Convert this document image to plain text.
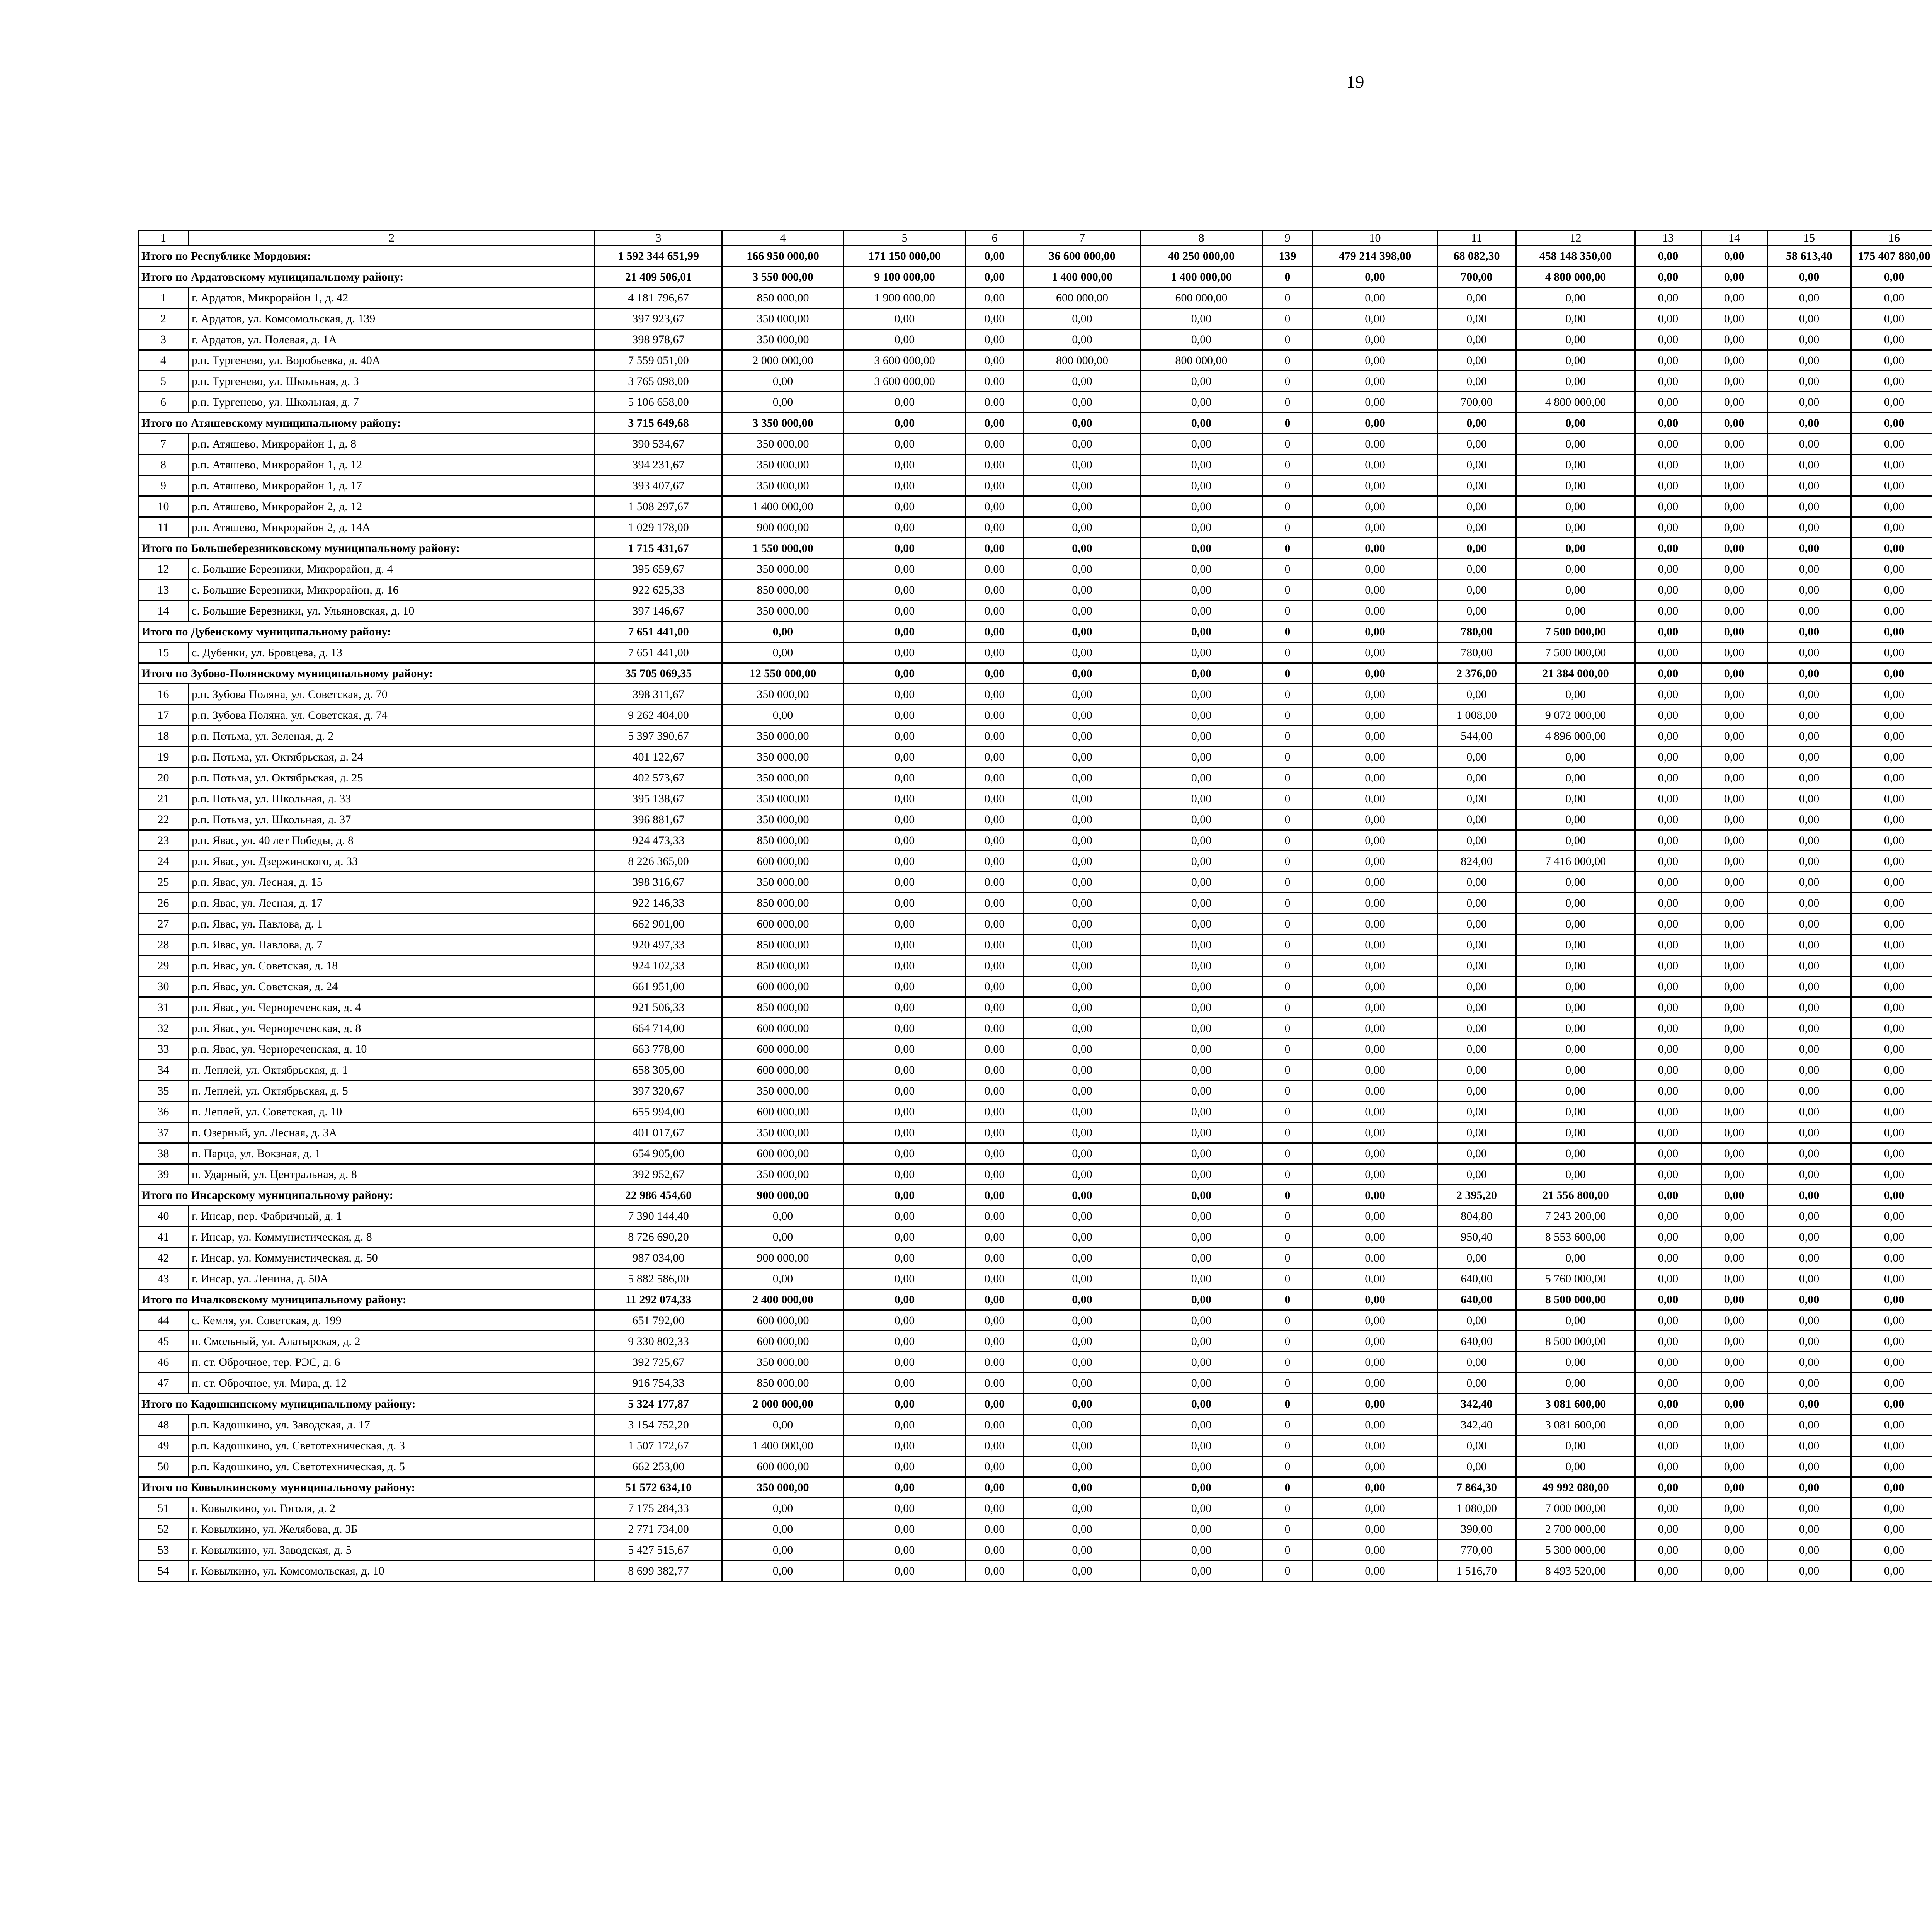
19
1	2	3	4	5	6	7	8	9	10	11	12	13	14	15	16					
Итого по Республике Мордовия:		1 592 344 651,99	166 950 000,00	171 150 000,00	0,00	36 600 000,00	40 250 000,00	139	479 214 398,00	68 082,30	458 148 350,00	0,00	0,00	58 613,40	175 407 880,00					
Итого по Ардатовскому муниципальному району:		21 409 506,01	3 550 000,00	9 100 000,00	0,00	1 400 000,00	1 400 000,00	0	0,00	700,00	4 800 000,00	0,00	0,00	0,00	0,00					
1	г. Ардатов, Микрорайон 1, д. 42	4 181 796,67	850 000,00	1 900 000,00	0,00	600 000,00	600 000,00	0	0,00	0,00	0,00	0,00	0,00	0,00	0,00					
2	г. Ардатов, ул. Комсомольская, д. 139	397 923,67	350 000,00	0,00	0,00	0,00	0,00	0	0,00	0,00	0,00	0,00	0,00	0,00	0,00					
3	г. Ардатов, ул. Полевая, д. 1А	398 978,67	350 000,00	0,00	0,00	0,00	0,00	0	0,00	0,00	0,00	0,00	0,00	0,00	0,00					
4	р.п. Тургенево, ул. Воробьевка, д. 40А	7 559 051,00	2 000 000,00	3 600 000,00	0,00	800 000,00	800 000,00	0	0,00	0,00	0,00	0,00	0,00	0,00	0,00					
5	р.п. Тургенево, ул. Школьная, д. 3	3 765 098,00	0,00	3 600 000,00	0,00	0,00	0,00	0	0,00	0,00	0,00	0,00	0,00	0,00	0,00					
6	р.п. Тургенево, ул. Школьная, д. 7	5 106 658,00	0,00	0,00	0,00	0,00	0,00	0	0,00	700,00	4 800 000,00	0,00	0,00	0,00	0,00					
Итого по Атяшевскому муниципальному району:		3 715 649,68	3 350 000,00	0,00	0,00	0,00	0,00	0	0,00	0,00	0,00	0,00	0,00	0,00	0,00					
7	р.п. Атяшево, Микрорайон 1, д. 8	390 534,67	350 000,00	0,00	0,00	0,00	0,00	0	0,00	0,00	0,00	0,00	0,00	0,00	0,00					
8	р.п. Атяшево, Микрорайон 1, д. 12	394 231,67	350 000,00	0,00	0,00	0,00	0,00	0	0,00	0,00	0,00	0,00	0,00	0,00	0,00					
9	р.п. Атяшево, Микрорайон 1, д. 17	393 407,67	350 000,00	0,00	0,00	0,00	0,00	0	0,00	0,00	0,00	0,00	0,00	0,00	0,00					
10	р.п. Атяшево, Микрорайон 2, д. 12	1 508 297,67	1 400 000,00	0,00	0,00	0,00	0,00	0	0,00	0,00	0,00	0,00	0,00	0,00	0,00					
11	р.п. Атяшево, Микрорайон 2, д. 14А	1 029 178,00	900 000,00	0,00	0,00	0,00	0,00	0	0,00	0,00	0,00	0,00	0,00	0,00	0,00					
Итого по Большеберезниковскому муниципальному району:		1 715 431,67	1 550 000,00	0,00	0,00	0,00	0,00	0	0,00	0,00	0,00	0,00	0,00	0,00	0,00					
12	с. Большие Березники, Микрорайон, д. 4	395 659,67	350 000,00	0,00	0,00	0,00	0,00	0	0,00	0,00	0,00	0,00	0,00	0,00	0,00					
13	с. Большие Березники, Микрорайон, д. 16	922 625,33	850 000,00	0,00	0,00	0,00	0,00	0	0,00	0,00	0,00	0,00	0,00	0,00	0,00					
14	с. Большие Березники, ул. Ульяновская, д. 10	397 146,67	350 000,00	0,00	0,00	0,00	0,00	0	0,00	0,00	0,00	0,00	0,00	0,00	0,00					
Итого по Дубенскому муниципальному району:		7 651 441,00	0,00	0,00	0,00	0,00	0,00	0	0,00	780,00	7 500 000,00	0,00	0,00	0,00	0,00					
15	с. Дубенки, ул. Бровцева, д. 13	7 651 441,00	0,00	0,00	0,00	0,00	0,00	0	0,00	780,00	7 500 000,00	0,00	0,00	0,00	0,00					
Итого по Зубово-Полянскому муниципальному району:		35 705 069,35	12 550 000,00	0,00	0,00	0,00	0,00	0	0,00	2 376,00	21 384 000,00	0,00	0,00	0,00	0,00					
16	р.п. Зубова Поляна, ул. Советская, д. 70	398 311,67	350 000,00	0,00	0,00	0,00	0,00	0	0,00	0,00	0,00	0,00	0,00	0,00	0,00					
17	р.п. Зубова Поляна, ул. Советская, д. 74	9 262 404,00	0,00	0,00	0,00	0,00	0,00	0	0,00	1 008,00	9 072 000,00	0,00	0,00	0,00	0,00					
18	р.п. Потьма, ул. Зеленая, д. 2	5 397 390,67	350 000,00	0,00	0,00	0,00	0,00	0	0,00	544,00	4 896 000,00	0,00	0,00	0,00	0,00					
19	р.п. Потьма, ул. Октябрьская, д. 24	401 122,67	350 000,00	0,00	0,00	0,00	0,00	0	0,00	0,00	0,00	0,00	0,00	0,00	0,00					
20	р.п. Потьма, ул. Октябрьская, д. 25	402 573,67	350 000,00	0,00	0,00	0,00	0,00	0	0,00	0,00	0,00	0,00	0,00	0,00	0,00					
21	р.п. Потьма, ул. Школьная, д. 33	395 138,67	350 000,00	0,00	0,00	0,00	0,00	0	0,00	0,00	0,00	0,00	0,00	0,00	0,00					
22	р.п. Потьма, ул. Школьная, д. 37	396 881,67	350 000,00	0,00	0,00	0,00	0,00	0	0,00	0,00	0,00	0,00	0,00	0,00	0,00					
23	р.п. Явас, ул. 40 лет Победы, д. 8	924 473,33	850 000,00	0,00	0,00	0,00	0,00	0	0,00	0,00	0,00	0,00	0,00	0,00	0,00					
24	р.п. Явас, ул. Дзержинского, д. 33	8 226 365,00	600 000,00	0,00	0,00	0,00	0,00	0	0,00	824,00	7 416 000,00	0,00	0,00	0,00	0,00					
25	р.п. Явас, ул. Лесная, д. 15	398 316,67	350 000,00	0,00	0,00	0,00	0,00	0	0,00	0,00	0,00	0,00	0,00	0,00	0,00					
26	р.п. Явас, ул. Лесная, д. 17	922 146,33	850 000,00	0,00	0,00	0,00	0,00	0	0,00	0,00	0,00	0,00	0,00	0,00	0,00					
27	р.п. Явас, ул. Павлова, д. 1	662 901,00	600 000,00	0,00	0,00	0,00	0,00	0	0,00	0,00	0,00	0,00	0,00	0,00	0,00					
28	р.п. Явас, ул. Павлова, д. 7	920 497,33	850 000,00	0,00	0,00	0,00	0,00	0	0,00	0,00	0,00	0,00	0,00	0,00	0,00					
29	р.п. Явас, ул. Советская, д. 18	924 102,33	850 000,00	0,00	0,00	0,00	0,00	0	0,00	0,00	0,00	0,00	0,00	0,00	0,00					
30	р.п. Явас, ул. Советская, д. 24	661 951,00	600 000,00	0,00	0,00	0,00	0,00	0	0,00	0,00	0,00	0,00	0,00	0,00	0,00					
31	р.п. Явас, ул. Чернореченская, д. 4	921 506,33	850 000,00	0,00	0,00	0,00	0,00	0	0,00	0,00	0,00	0,00	0,00	0,00	0,00					
32	р.п. Явас, ул. Чернореченская, д. 8	664 714,00	600 000,00	0,00	0,00	0,00	0,00	0	0,00	0,00	0,00	0,00	0,00	0,00	0,00					
33	р.п. Явас, ул. Чернореченская, д. 10	663 778,00	600 000,00	0,00	0,00	0,00	0,00	0	0,00	0,00	0,00	0,00	0,00	0,00	0,00					
34	п. Леплей, ул. Октябрьская, д. 1	658 305,00	600 000,00	0,00	0,00	0,00	0,00	0	0,00	0,00	0,00	0,00	0,00	0,00	0,00					
35	п. Леплей, ул. Октябрьская, д. 5	397 320,67	350 000,00	0,00	0,00	0,00	0,00	0	0,00	0,00	0,00	0,00	0,00	0,00	0,00					
36	п. Леплей, ул. Советская, д. 10	655 994,00	600 000,00	0,00	0,00	0,00	0,00	0	0,00	0,00	0,00	0,00	0,00	0,00	0,00					
37	п. Озерный, ул. Лесная, д. 3А	401 017,67	350 000,00	0,00	0,00	0,00	0,00	0	0,00	0,00	0,00	0,00	0,00	0,00	0,00					
38	п. Парца, ул. Вокзная, д. 1	654 905,00	600 000,00	0,00	0,00	0,00	0,00	0	0,00	0,00	0,00	0,00	0,00	0,00	0,00					
39	п. Ударный, ул. Центральная, д. 8	392 952,67	350 000,00	0,00	0,00	0,00	0,00	0	0,00	0,00	0,00	0,00	0,00	0,00	0,00					
Итого по Инсарскому муниципальному району:		22 986 454,60	900 000,00	0,00	0,00	0,00	0,00	0	0,00	2 395,20	21 556 800,00	0,00	0,00	0,00	0,00					
40	г. Инсар, пер. Фабричный, д. 1	7 390 144,40	0,00	0,00	0,00	0,00	0,00	0	0,00	804,80	7 243 200,00	0,00	0,00	0,00	0,00					
41	г. Инсар, ул. Коммунистическая, д. 8	8 726 690,20	0,00	0,00	0,00	0,00	0,00	0	0,00	950,40	8 553 600,00	0,00	0,00	0,00	0,00					
42	г. Инсар, ул. Коммунистическая, д. 50	987 034,00	900 000,00	0,00	0,00	0,00	0,00	0	0,00	0,00	0,00	0,00	0,00	0,00	0,00					
43	г. Инсар, ул. Ленина, д. 50А	5 882 586,00	0,00	0,00	0,00	0,00	0,00	0	0,00	640,00	5 760 000,00	0,00	0,00	0,00	0,00					
Итого по Ичалковскому муниципальному району:		11 292 074,33	2 400 000,00	0,00	0,00	0,00	0,00	0	0,00	640,00	8 500 000,00	0,00	0,00	0,00	0,00					
44	с. Кемля, ул. Советская, д. 199	651 792,00	600 000,00	0,00	0,00	0,00	0,00	0	0,00	0,00	0,00	0,00	0,00	0,00	0,00					
45	п. Смольный, ул. Алатырская, д. 2	9 330 802,33	600 000,00	0,00	0,00	0,00	0,00	0	0,00	640,00	8 500 000,00	0,00	0,00	0,00	0,00					
46	п. ст. Оброчное, тер. РЭС, д. 6	392 725,67	350 000,00	0,00	0,00	0,00	0,00	0	0,00	0,00	0,00	0,00	0,00	0,00	0,00					
47	п. ст. Оброчное, ул. Мира, д. 12	916 754,33	850 000,00	0,00	0,00	0,00	0,00	0	0,00	0,00	0,00	0,00	0,00	0,00	0,00					
Итого по Кадошкинскому муниципальному району:		5 324 177,87	2 000 000,00	0,00	0,00	0,00	0,00	0	0,00	342,40	3 081 600,00	0,00	0,00	0,00	0,00					
48	р.п. Кадошкино, ул. Заводская, д. 17	3 154 752,20	0,00	0,00	0,00	0,00	0,00	0	0,00	342,40	3 081 600,00	0,00	0,00	0,00	0,00					
49	р.п. Кадошкино, ул. Светотехническая, д. 3	1 507 172,67	1 400 000,00	0,00	0,00	0,00	0,00	0	0,00	0,00	0,00	0,00	0,00	0,00	0,00					
50	р.п. Кадошкино, ул. Светотехническая, д. 5	662 253,00	600 000,00	0,00	0,00	0,00	0,00	0	0,00	0,00	0,00	0,00	0,00	0,00	0,00					
Итого по Ковылкинскому муниципальному району:		51 572 634,10	350 000,00	0,00	0,00	0,00	0,00	0	0,00	7 864,30	49 992 080,00	0,00	0,00	0,00	0,00					
51	г. Ковылкино, ул. Гоголя, д. 2	7 175 284,33	0,00	0,00	0,00	0,00	0,00	0	0,00	1 080,00	7 000 000,00	0,00	0,00	0,00	0,00					
52	г. Ковылкино, ул. Желябова, д. 3Б	2 771 734,00	0,00	0,00	0,00	0,00	0,00	0	0,00	390,00	2 700 000,00	0,00	0,00	0,00	0,00					
53	г. Ковылкино, ул. Заводская, д. 5	5 427 515,67	0,00	0,00	0,00	0,00	0,00	0	0,00	770,00	5 300 000,00	0,00	0,00	0,00	0,00					
54	г. Ковылкино, ул. Комсомольская, д. 10	8 699 382,77	0,00	0,00	0,00	0,00	0,00	0	0,00	1 516,70	8 493 520,00	0,00	0,00	0,00	0,00					
